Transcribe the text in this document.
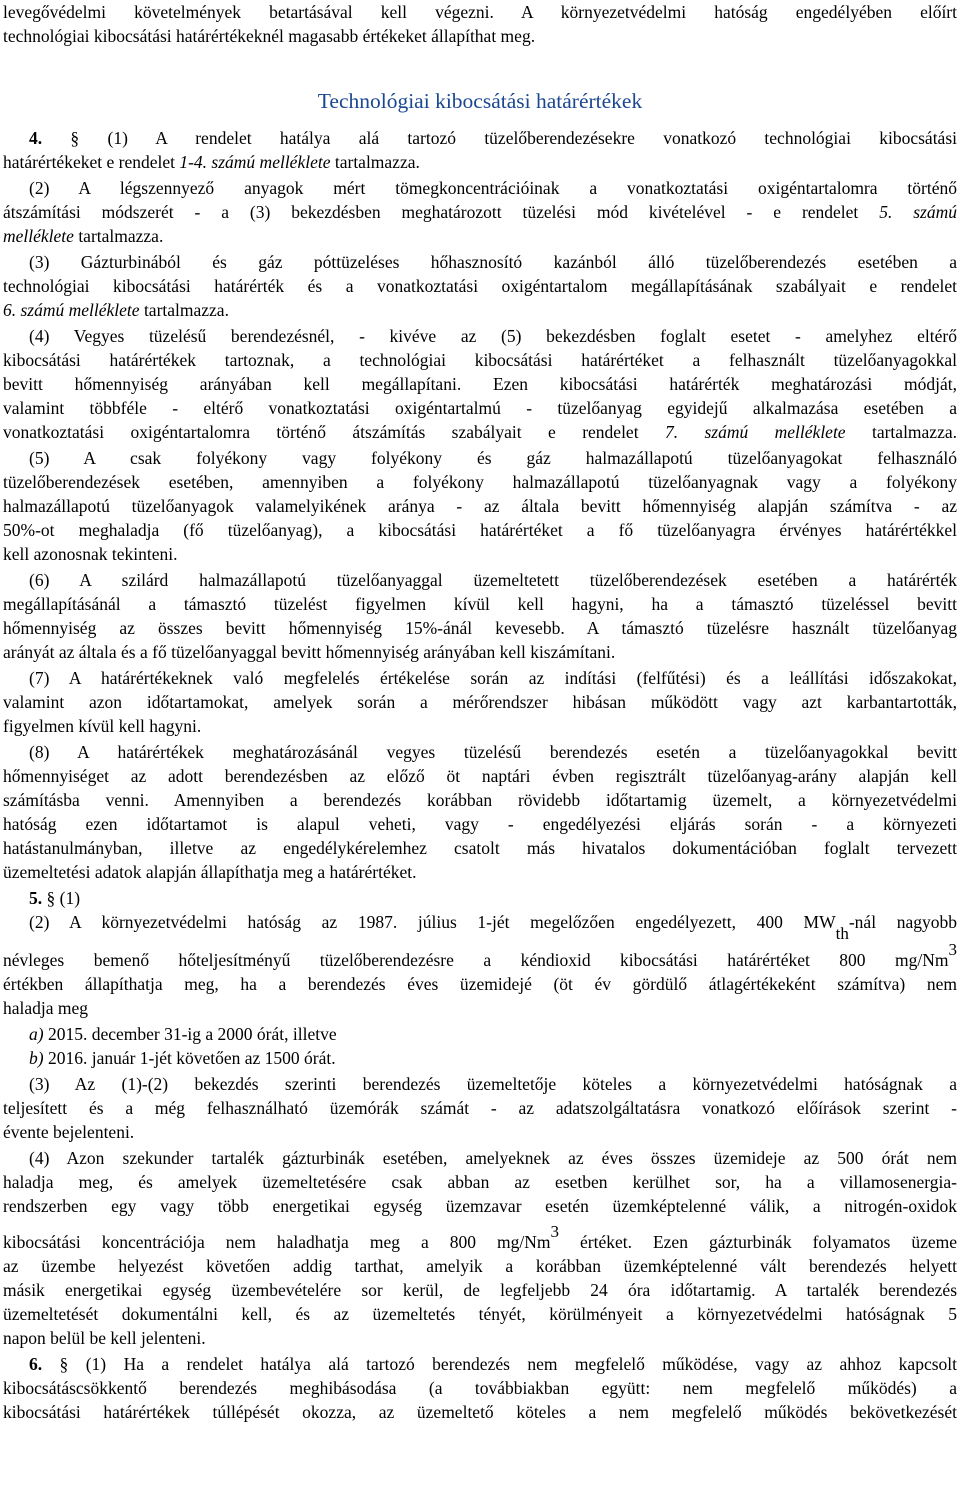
Technológiai kibocsátási határértékek
levegővédelmi követelmények betartásával kell végezni. A környezetvédelmi hatóság engedélyében előírt
technológiai kibocsátási határértékeknél magasabb értékeket állapíthat meg.
4. § (1) A rendelet hatálya alá tartozó tüzelőberendezésekre vonatkozó technológiai kibocsátási
határértékeket e rendelet 1-4. számú melléklete tartalmazza.
(2) A légszennyező anyagok mért tömegkoncentrációinak a vonatkoztatási oxigéntartalomra történő
átszámítási módszerét - a (3) bekezdésben meghatározott tüzelési mód kivételével - e rendelet 5. számú
melléklete tartalmazza.
(3) Gázturbinából és gáz póttüzeléses hőhasznosító kazánból álló tüzelőberendezés esetében a
technológiai kibocsátási határérték és a vonatkoztatási oxigéntartalom megállapításának szabályait e rendelet
6. számú melléklete tartalmazza.
(4) Vegyes tüzelésű berendezésnél, - kivéve az (5) bekezdésben foglalt esetet - amelyhez eltérő
kibocsátási határértékek tartoznak, a technológiai kibocsátási határértéket a felhasznált tüzelőanyagokkal
bevitt hőmennyiség arányában kell megállapítani. Ezen kibocsátási határérték meghatározási módját,
valamint többféle - eltérő vonatkoztatási oxigéntartalmú - tüzelőanyag egyidejű alkalmazása esetében a
vonatkoztatási oxigéntartalomra történő átszámítás szabályait e rendelet 7. számú melléklete tartalmazza.
(5) A csak folyékony vagy folyékony és gáz halmazállapotú tüzelőanyagokat felhasználó
tüzelőberendezések esetében, amennyiben a folyékony halmazállapotú tüzelőanyagnak vagy a folyékony
halmazállapotú tüzelőanyagok valamelyikének aránya - az általa bevitt hőmennyiség alapján számítva - az
50%-ot meghaladja (fő tüzelőanyag), a kibocsátási határértéket a fő tüzelőanyagra érvényes határértékkel
kell azonosnak tekinteni.
(6) A szilárd halmazállapotú tüzelőanyaggal üzemeltetett tüzelőberendezések esetében a határérték
megállapításánál a támasztó tüzelést figyelmen kívül kell hagyni, ha a támasztó tüzeléssel bevitt
hőmennyiség az összes bevitt hőmennyiség 15%-ánál kevesebb. A támasztó tüzelésre használt tüzelőanyag
arányát az általa és a fő tüzelőanyaggal bevitt hőmennyiség arányában kell kiszámítani.
(7) A határértékeknek való megfelelés értékelése során az indítási (felfűtési) és a leállítási időszakokat,
valamint azon időtartamokat, amelyek során a mérőrendszer hibásan működött vagy azt karbantartották,
figyelmen kívül kell hagyni.
(8) A határértékek meghatározásánál vegyes tüzelésű berendezés esetén a tüzelőanyagokkal bevitt
hőmennyiséget az adott berendezésben az előző öt naptári évben regisztrált tüzelőanyag-arány alapján kell
számításba venni. Amennyiben a berendezés korábban rövidebb időtartamig üzemelt, a környezetvédelmi
hatóság ezen időtartamot is alapul veheti, vagy - engedélyezési eljárás során - a környezeti
hatástanulmányban, illetve az engedélykérelemhez csatolt más hivatalos dokumentációban foglalt tervezett
üzemeltetési adatok alapján állapíthatja meg a határértéket.
5. § (1)
(2) A környezetvédelmi hatóság az 1987. július 1-jét megelőzően engedélyezett, 400 $MW_{th}$-nál nagyobb
névleges bemenő hőteljesítményű tüzelőberendezésre a kéndioxid kibocsátási határértéket 800 mg/Nm$^3$
értékben állapíthatja meg, ha a berendezés éves üzemidejé (öt év gördülő átlagértékeként számítva) nem
haladja meg
a) 2015. december 31-ig a 2000 órát, illetve
b) 2016. január 1-jét követően az 1500 órát.
(3) Az (1)-(2) bekezdés szerinti berendezés üzemeltetője köteles a környezetvédelmi hatóságnak a
teljesített és a még felhasználható üzemórák számát - az adatszolgáltatásra vonatkozó előírások szerint -
évente bejelenteni.
(4) Azon szekunder tartalék gázturbinák esetében, amelyeknek az éves összes üzemideje az 500 órát nem
haladja meg, és amelyek üzemeltetésére csak abban az esetben kerülhet sor, ha a villamosenergia-
rendszerben egy vagy több energetikai egység üzemzavar esetén üzemképtelenné válik, a nitrogén-oxidok
kibocsátási koncentrációja nem haladhatja meg a 800 mg/Nm$^3$ értéket. Ezen gázturbinák folyamatos üzeme
az üzembe helyezést követően addig tarthat, amelyik a korábban üzemképtelenné vált berendezés helyett
másik energetikai egység üzembevételére sor kerül, de legfeljebb 24 óra időtartamig. A tartalék berendezés
üzemeltetését dokumentálni kell, és az üzemeltetés tényét, körülményeit a környezetvédelmi hatóságnak 5
napon belül be kell jelenteni.
6. § (1) Ha a rendelet hatálya alá tartozó berendezés nem megfelelő működése, vagy az ahhoz kapcsolt
kibocsátáscsökkentő berendezés meghibásodása (a továbbiakban együtt: nem megfelelő működés) a
kibocsátási határértékek túllépését okozza, az üzemeltető köteles a nem megfelelő működés bekövetkezését
